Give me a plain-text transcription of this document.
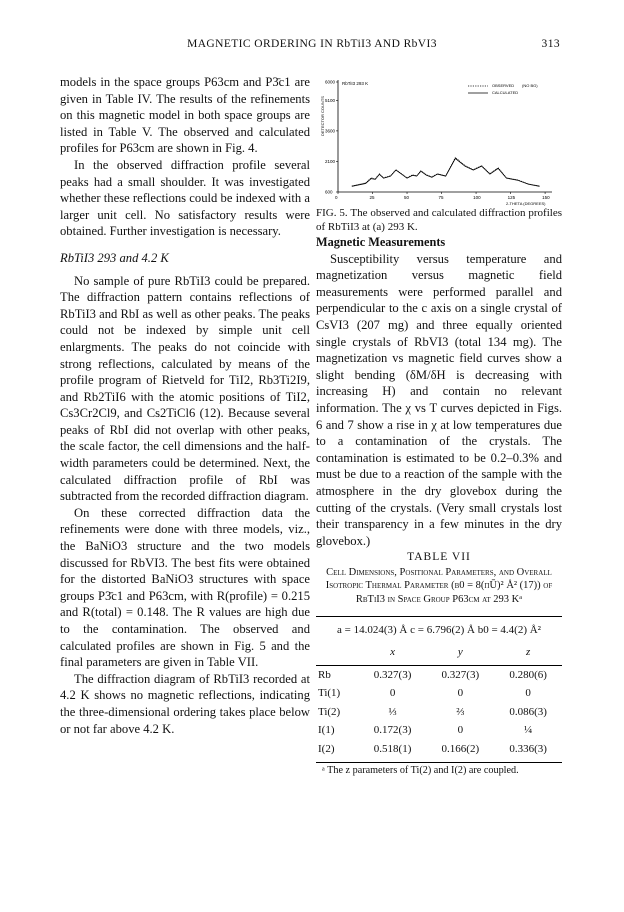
MAGNETIC ORDERING IN RbTiI3 AND RbVI3	313

models in the space groups P63cm and P3̄c1 are given in Table IV. The results of the refinements on this magnetic model in both space groups are listed in Table V. The observed and calculated profiles for P63cm are shown in Fig. 4.

In the observed diffraction profile several peaks had a small shoulder. It was investigated whether these reflections could be indexed with a larger unit cell. No satisfactory results were obtained. Further investigation is necessary.

RbTiI3 293 and 4.2 K

No sample of pure RbTiI3 could be prepared. The diffraction pattern contains reflections of RbTiI3 and RbI as well as other peaks. The peaks could not be indexed by simple unit cell enlargments. The peaks do not coincide with strong reflections, calculated by means of the profile program of Rietveld for TiI2, Rb3Ti2I9, and Rb2TiI6 with the atomic positions of TiI2, Cs3Cr2Cl9, and Cs2TiCl6 (12). Because several peaks of RbI did not overlap with other peaks, the scale factor, the cell dimensions and the half-width parameters could be determined. Next, the calculated diffraction profile of RbI was subtracted from the recorded diffraction diagram.

On these corrected diffraction data the refinements were done with three models, viz., the BaNiO3 structure and the two models discussed for RbVI3. The best fits were obtained for the distorted BaNiO3 structures with space groups P3̄c1 and P63cm, with R(profile) = 0.215 and R(total) = 0.148. The R values are high due to the contamination. The observed and calculated profiles are shown in Fig. 5 and the final parameters are given in Table VII.

The diffraction diagram of RbTiI3 recorded at 4.2 K shows no magnetic reflections, indicating the three-dimensional ordering takes place below or not far above 4.2 K.

RbTiI3 293 K
DETECTOR COUNTS
2-THETA (DEGREES)
OBSERVED (NO BG)
CALCULATED
0	25	50	75	100	125	150
600
2100
3600
5100
6000

FIG. 5. The observed and calculated diffraction profiles of RbTiI3 at (a) 293 K.

Magnetic Measurements

Susceptibility versus temperature and magnetization versus magnetic field measurements were performed parallel and perpendicular to the c axis on a single crystal of CsVI3 (207 mg) and three equally oriented single crystals of RbVI3 (total 134 mg). The magnetization vs magnetic field curves show a slight bending (δM/δH is decreasing with increasing H) and contain no relevant information. The χ vs T curves depicted in Figs. 6 and 7 show a rise in χ at low temperatures due to a contamination of the crystals. The contamination is estimated to be 0.2–0.3% and must be due to a reaction of the sample with the atmosphere in the dry glovebox during the cutting of the crystals. (Very small crystals lost their transparency in a few minutes in the dry glovebox.)

TABLE VII

Cell Dimensions, Positional Parameters, and Overall Isotropic Thermal Parameter (b0 = 8(πŪ)² Å² (17)) of RbTiI3 in Space Group P63cm at 293 Kᵃ

a = 14.024(3) Å c = 6.796(2) Å b0 = 4.4(2) Å²			
	x	y	z
Rb	0.327(3)	0.327(3)	0.280(6)
Ti(1)	0	0	0
Ti(2)	⅓	⅔	0.086(3)
I(1)	0.172(3)	0	¼
I(2)	0.518(1)	0.166(2)	0.336(3)

ᵃ The z parameters of Ti(2) and I(2) are coupled.
